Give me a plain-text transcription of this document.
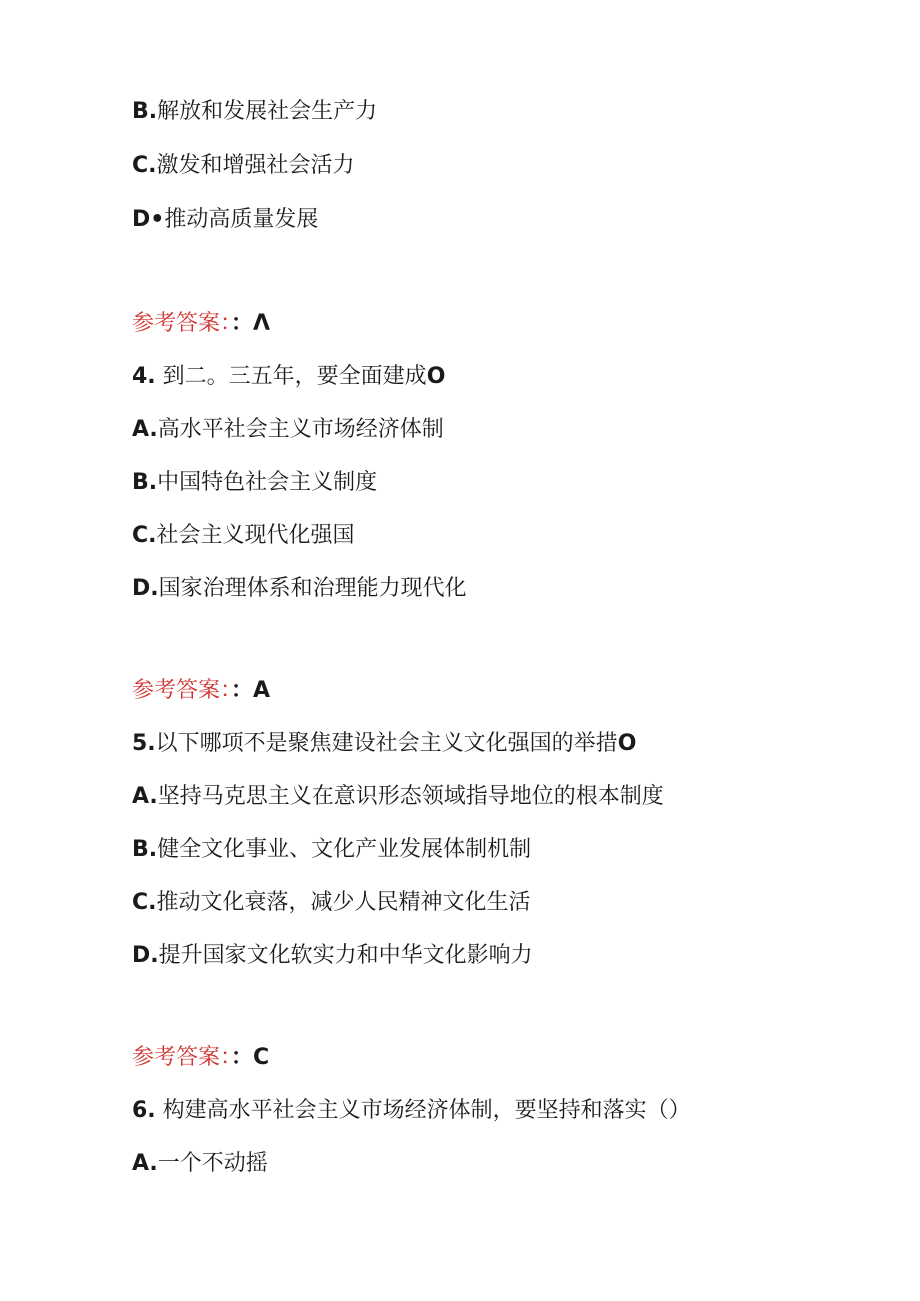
B.解放和发展社会生产力
C.激发和增强社会活力
D•推动高质量发展
参考答案：：Λ
4. 到二。三五年，要全面建成O
A.高水平社会主义市场经济体制
B.中国特色社会主义制度
C.社会主义现代化强国
D.国家治理体系和治理能力现代化
参考答案：：A
5.以下哪项不是聚焦建设社会主义文化强国的举措O
A.坚持马克思主义在意识形态领域指导地位的根本制度
B.健全文化事业、文化产业发展体制机制
C.推动文化衰落，减少人民精神文化生活
D.提升国家文化软实力和中华文化影响力
参考答案：：C
6. 构建高水平社会主义市场经济体制，要坚持和落实（）
A.一个不动摇
